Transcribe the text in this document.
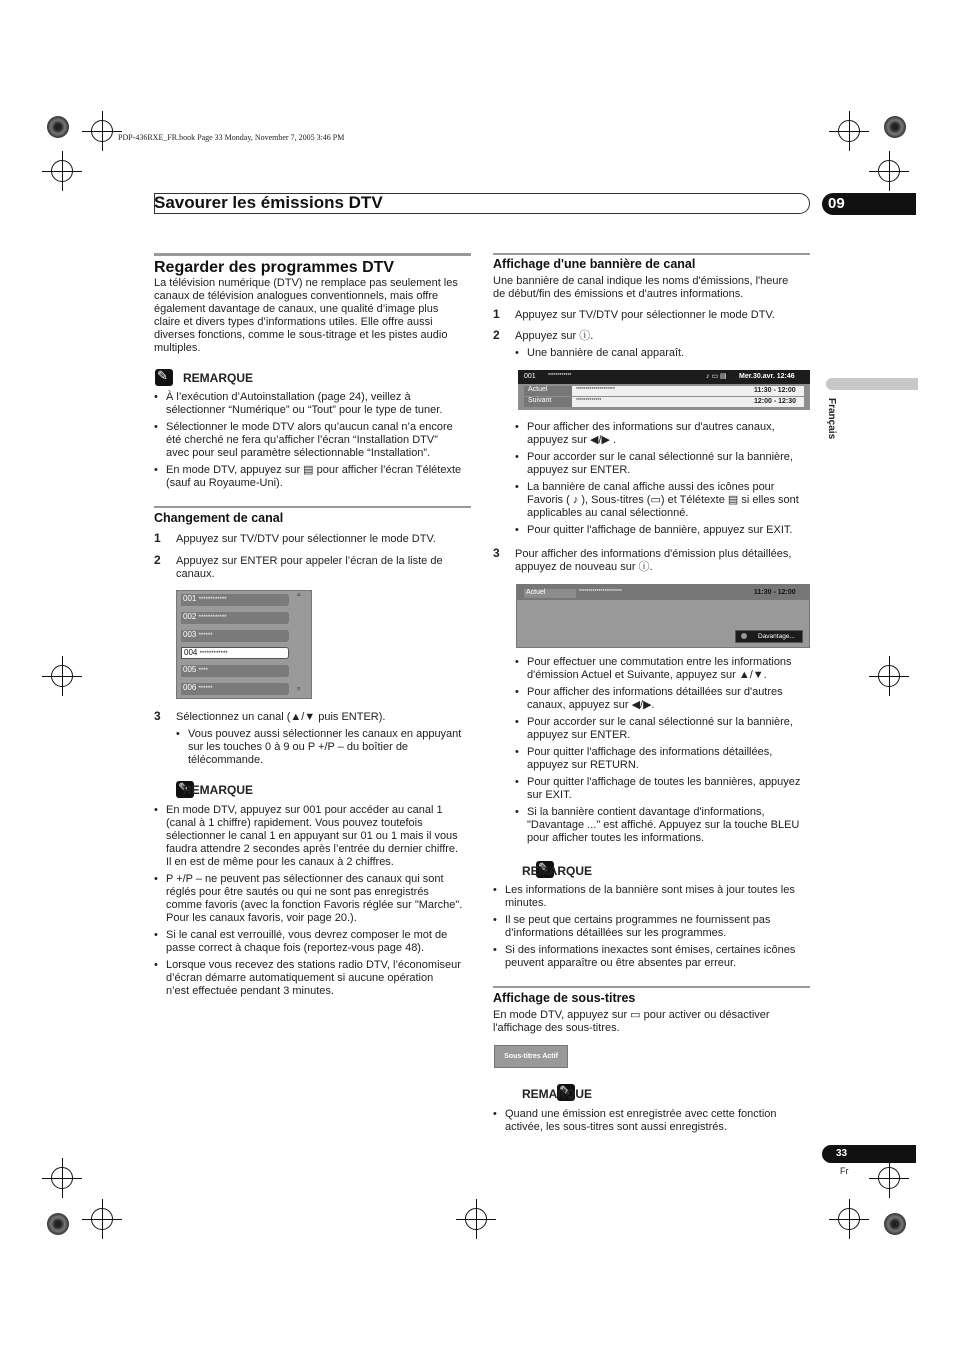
PDP-436RXE_FR.book Page 33 Monday, November 7, 2005 3:46 PM
Savourer les émissions DTV	09
Français
Regarder des programmes DTV
La télévision numérique (DTV) ne remplace pas seulement les
canaux de télévision analogues conventionnels, mais offre
également davantage de canaux, une qualité d’image plus
claire et divers types d’informations utiles. Elle offre aussi
diverses fonctions, comme le sous-titrage et les pistes audio
multiples.
✎
REMARQUE
• À l’exécution d’Autoinstallation (page 24), veillez à
sélectionner “Numérique” ou “Tout” pour le type de tuner.
• Sélectionner le mode DTV alors qu’aucun canal n’a encore
été cherché ne fera qu’afficher l’écran “Installation DTV”
avec pour seul paramètre sélectionnable “Installation”.
• En mode DTV, appuyez sur ▤ pour afficher l’écran Télétexte
(sauf au Royaume-Uni).
Changement de canal
1 Appuyez sur TV/DTV pour sélectionner le mode DTV.
2 Appuyez sur ENTER pour appeler l’écran de la liste de
canaux.
001 ************
002 ************
003 ******
004 ************
005 ****
006 ******
▵
▿
3 Sélectionnez un canal (▲/▼ puis ENTER).
• Vous pouvez aussi sélectionner les canaux en appuyant
sur les touches 0 à 9 ou P +/P – du boîtier de
télécommande.
✎
REMARQUE
• En mode DTV, appuyez sur 001 pour accéder au canal 1
(canal à 1 chiffre) rapidement. Vous pouvez toutefois
sélectionner le canal 1 en appuyant sur 01 ou 1 mais il vous
faudra attendre 2 secondes après l’entrée du dernier chiffre.
Il en est de même pour les canaux à 2 chiffres.
• P +/P – ne peuvent pas sélectionner des canaux qui sont
réglés pour être sautés ou qui ne sont pas enregistrés
comme favoris (avec la fonction Favoris réglée sur "Marche".
Pour les canaux favoris, voir page 20.).
• Si le canal est verrouillé, vous devrez composer le mot de
passe correct à chaque fois (reportez-vous page 48).
• Lorsque vous recevez des stations radio DTV, l’économiseur
d’écran démarre automatiquement si aucune opération
n’est effectuée pendant 3 minutes.
Affichage d'une bannière de canal
Une bannière de canal indique les noms d'émissions, l'heure
de début/fin des émissions et d'autres informations.
1 Appuyez sur TV/DTV pour sélectionner le mode DTV.
2 Appuyez sur ⓘ.
• Une bannière de canal apparaît.
001 ************	♪ ▭ ▤ Mer.30.avr. 12:46
Actuel	********************	11:30 - 12:00
Suivant	*************	12:00 - 12:30
• Pour afficher des informations sur d'autres canaux,
appuyez sur ◀/▶ .
• Pour accorder sur le canal sélectionné sur la bannière,
appuyez sur ENTER.
• La bannière de canal affiche aussi des icônes pour
Favoris ( ♪ ), Sous-titres (▭) et Télétexte ▤ si elles sont
applicables au canal sélectionné.
• Pour quitter l'affichage de bannière, appuyez sur EXIT.
3 Pour afficher des informations d'émission plus détaillées,
appuyez de nouveau sur ⓘ.
Actuel	**********************	11:30 - 12:00
Davantage...
• Pour effectuer une commutation entre les informations
d'émission Actuel et Suivante, appuyez sur ▲/▼.
• Pour afficher des informations détaillées sur d'autres
canaux, appuyez sur ◀/▶.
• Pour accorder sur le canal sélectionné sur la bannière,
appuyez sur ENTER.
• Pour quitter l'affichage des informations détaillées,
appuyez sur RETURN.
• Pour quitter l'affichage de toutes les bannières, appuyez
sur EXIT.
• Si la bannière contient davantage d'informations,
"Davantage ..." est affiché. Appuyez sur la touche BLEU
pour afficher toutes les informations.
✎
REMARQUE
• Les informations de la bannière sont mises à jour toutes les
minutes.
• Il se peut que certains programmes ne fournissent pas
d’informations détaillées sur les programmes.
• Si des informations inexactes sont émises, certaines icônes
peuvent apparaître ou être absentes par erreur.
Affichage de sous-titres
En mode DTV, appuyez sur ▭ pour activer ou désactiver
l'affichage des sous-titres.
Sous-titres Actif
✎
REMARQUE
• Quand une émission est enregistrée avec cette fonction
activée, les sous-titres sont aussi enregistrés.
33
Fr
